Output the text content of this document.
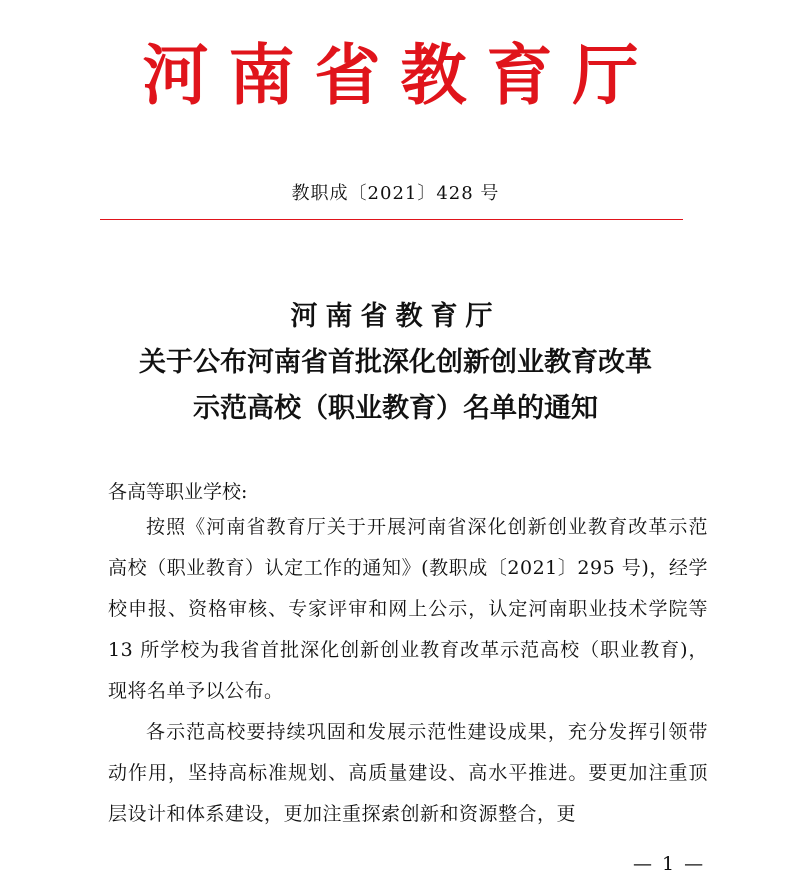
河南省教育厅
教职成〔2021〕428 号
河南省教育厅
关于公布河南省首批深化创新创业教育改革
示范高校（职业教育）名单的通知
各高等职业学校:

按照《河南省教育厅关于开展河南省深化创新创业教育改革示范高校（职业教育）认定工作的通知》(教职成〔2021〕295 号)，经学校申报、资格审核、专家评审和网上公示，认定河南职业技术学院等 13 所学校为我省首批深化创新创业教育改革示范高校（职业教育)，现将名单予以公布。

各示范高校要持续巩固和发展示范性建设成果，充分发挥引领带动作用，坚持高标准规划、高质量建设、高水平推进。要更加注重顶层设计和体系建设，更加注重探索创新和资源整合，更

— 1 —
